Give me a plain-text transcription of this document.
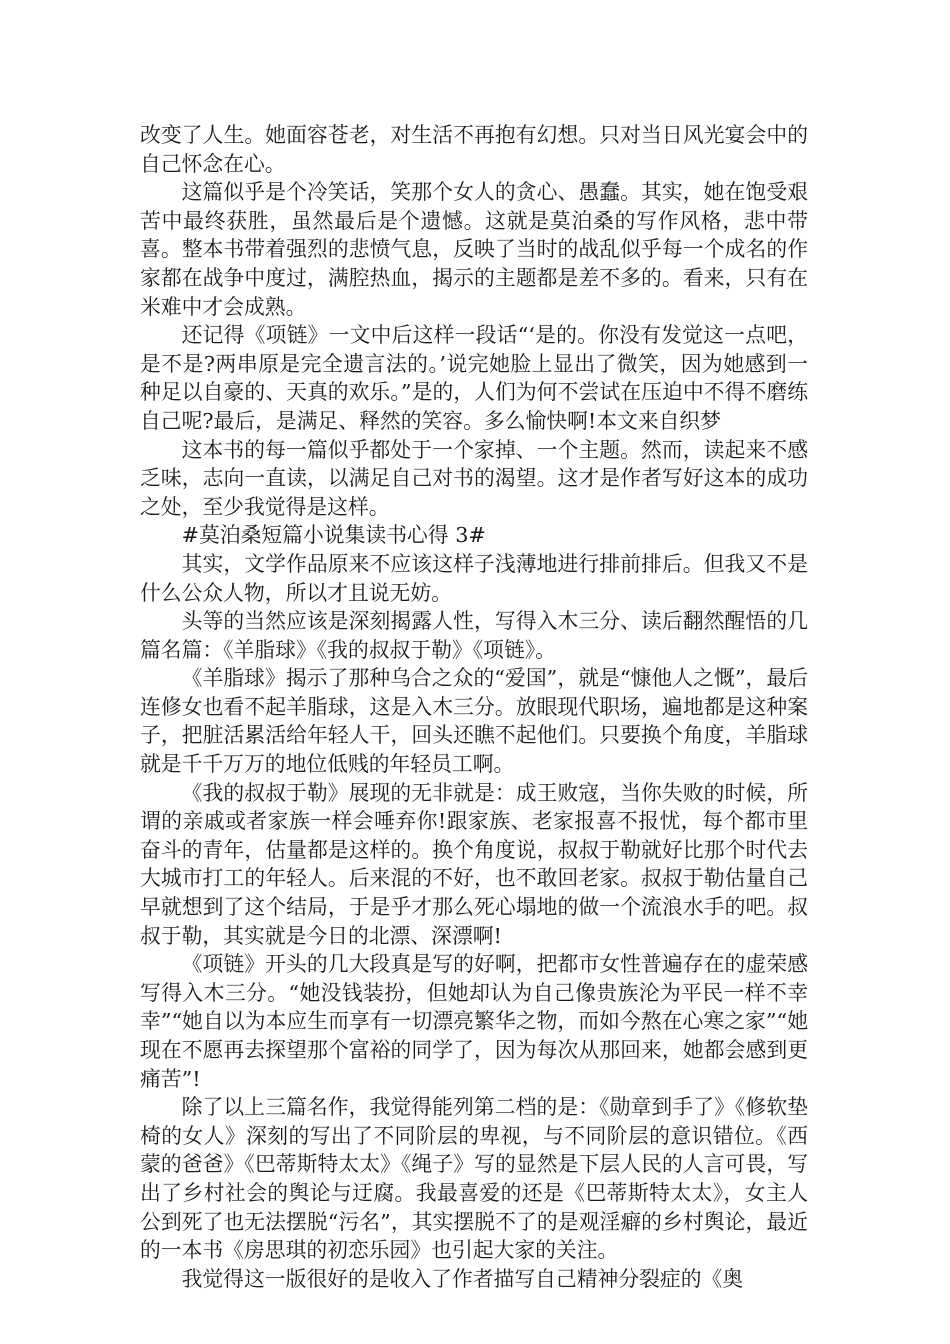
改变了人生。她面容苍老，对生活不再抱有幻想。只对当日风光宴会中的自己怀念在心。

这篇似乎是个冷笑话，笑那个女人的贪心、愚蠢。其实，她在饱受艰苦中最终获胜，虽然最后是个遗憾。这就是莫泊桑的写作风格，悲中带喜。整本书带着强烈的悲愤气息，反映了当时的战乱似乎每一个成名的作家都在战争中度过，满腔热血，揭示的主题都是差不多的。看来，只有在米难中才会成熟。

还记得《项链》一文中后这样一段话“‘是的。你没有发觉这一点吧，是不是?两串原是完全遗言法的。’说完她脸上显出了微笑，因为她感到一种足以自豪的、天真的欢乐。”是的，人们为何不尝试在压迫中不得不磨练自己呢?最后，是满足、释然的笑容。多么愉快啊!本文来自织梦

这本书的每一篇似乎都处于一个家掉、一个主题。然而，读起来不感乏味，志向一直读，以满足自己对书的渴望。这才是作者写好这本的成功之处，至少我觉得是这样。

#莫泊桑短篇小说集读书心得 3#

其实，文学作品原来不应该这样子浅薄地进行排前排后。但我又不是什么公众人物，所以才且说无妨。

头等的当然应该是深刻揭露人性，写得入木三分、读后翻然醒悟的几篇名篇：《羊脂球》《我的叔叔于勒》《项链》。

《羊脂球》揭示了那种乌合之众的“爱国”，就是“慷他人之慨”，最后连修女也看不起羊脂球，这是入木三分。放眼现代职场，遍地都是这种案子，把脏活累活给年轻人干，回头还瞧不起他们。只要换个角度，羊脂球就是千千万万的地位低贱的年轻员工啊。

《我的叔叔于勒》展现的无非就是：成王败寇，当你失败的时候，所谓的亲戚或者家族一样会唾弃你!跟家族、老家报喜不报忧，每个都市里奋斗的青年，估量都是这样的。换个角度说，叔叔于勒就好比那个时代去大城市打工的年轻人。后来混的不好，也不敢回老家。叔叔于勒估量自己早就想到了这个结局，于是乎才那么死心塌地的做一个流浪水手的吧。叔叔于勒，其实就是今日的北漂、深漂啊!

《项链》开头的几大段真是写的好啊，把都市女性普遍存在的虚荣感写得入木三分。“她没钱装扮，但她却认为自己像贵族沦为平民一样不幸幸”“她自以为本应生而享有一切漂亮繁华之物，而如今熬在心寒之家”“她现在不愿再去探望那个富裕的同学了，因为每次从那回来，她都会感到更痛苦”!

除了以上三篇名作，我觉得能列第二档的是：《勋章到手了》《修软垫椅的女人》深刻的写出了不同阶层的卑视，与不同阶层的意识错位。《西蒙的爸爸》《巴蒂斯特太太》《绳子》写的显然是下层人民的人言可畏，写出了乡村社会的舆论与迂腐。我最喜爱的还是《巴蒂斯特太太》，女主人公到死了也无法摆脱“污名”，其实摆脱不了的是观淫癖的乡村舆论，最近的一本书《房思琪的初恋乐园》也引起大家的关注。

我觉得这一版很好的是收入了作者描写自己精神分裂症的《奥
